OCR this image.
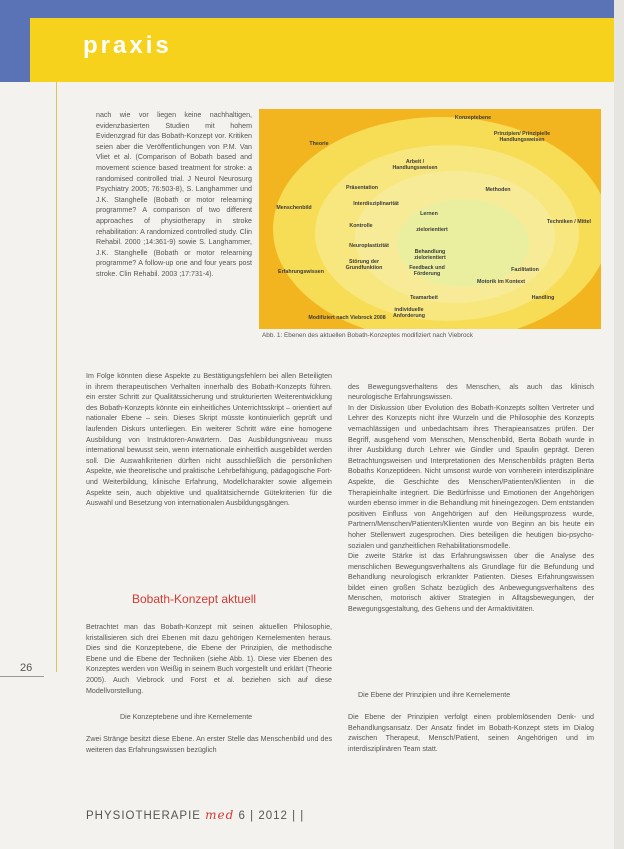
praxis

nach wie vor liegen keine nachhaltigen, evidenzbasierten Studien mit hohem Evidenzgrad für das Bobath-Konzept vor. Kritiken seien aber die Veröffentlichungen von P.M. Van Vliet et al. (Comparison of Bobath based and movement science based treatment for stroke: a randomised controlled trial. J Neurol Neurosurg Psychiatry 2005; 76:503-8), S. Langhammer und J.K. Stanghelle (Bobath or motor relearning programme? A comparison of two different approaches of physiotherapy in stroke rehabilitation: A randomized controlled study. Clin Rehabil. 2000 ;14:361-9) sowie S. Langhammer, J.K. Stanghelle (Bobath or motor relearning programme? A follow-up one and four years post stroke. Clin Rehabil. 2003 ;17:731-4).

Konzeptebene
Theorie
Prinzipien/ Prinzipielle Handlungsweisen
Arbeit / Handlungsweisen
Menschenbild
Präsentation
Interdisziplinarität
Methoden
Lernen
Kontrolle
Techniken / Mittel
zielorientiert
Neuroplastizität
Erfahrungswissen
Störung der Grundfunktion
Behandlung zielorientiert
Feedback und Förderung
Fazilitation
Motorik im Kontext
Teamarbeit
individuelle Anforderung
Handling
Modifiziert nach Viebrock 2008
Abb. 1: Ebenen des aktuellen Bobath-Konzeptes modifiziert nach Viebrock

Im Folge könnten diese Aspekte zu Bestätigungsfehlern bei allen Beteiligten in ihrem therapeutischen Verhalten innerhalb des Bobath-Konzepts führen. ein erster Schritt zur Qualitätssicherung und strukturierten Weiterentwicklung des Bobath-Konzepts könnte ein einheitliches Unterrichtsskript – orientiert auf nationaler Ebene – sein. Dieses Skript müsste kontinuierlich geprüft und laufenden Diskurs unterliegen. Ein weiterer Schritt wäre eine homogene Ausbildung von Instruktoren-Anwärtern. Das Ausbildungsniveau muss international bewusst sein, wenn internationale einheitlich ausgebildet werden soll. Die Auswahlkriterien dürften nicht ausschließlich die persönlichen Aspekte, wie theoretische und praktische Lehrbefähigung, pädagogische Fort- und Weiterbildung, klinische Erfahrung, Modellcharakter sowie allgemein Aspekte sein, auch objektive und qualitätsichernde Gütekriterien für die Auswahl und Besetzung von internationalen Ausbildungsgängen.

Bobath-Konzept aktuell

Betrachtet man das Bobath-Konzept mit seinen aktuellen Philosophie, kristallisieren sich drei Ebenen mit dazu gehörigen Kernelementen heraus. Dies sind die Konzeptebene, die Ebene der Prinzipien, die methodische Ebene und die Ebene der Techniken (siehe Abb. 1). Diese vier Ebenen des Konzeptes werden von Weißig in seinem Buch vorgestellt und erklärt (Theorie 2005). Auch Viebrock und Forst et al. beziehen sich auf diese Modellvorstellung.

Die Konzeptebene und ihre Kernelemente

Zwei Stränge besitzt diese Ebene. An erster Stelle das Menschenbild und des weiteren das Erfahrungswissen bezüglich

des Bewegungsverhaltens des Menschen, als auch das klinisch neurologische Erfahrungswissen.
In der Diskussion über Evolution des Bobath-Konzepts sollten Vertreter und Lehrer des Konzepts nicht ihre Wurzeln und die Philosophie des Konzepts vernachlässigen und unbedachtsam ihres Therapieansatzes prüfen. Der Begriff, ausgehend vom Menschen, Menschenbild, Berta Bobath wurde in ihrer Ausbildung durch Lehrer wie Gindler und Spaulin geprägt. Deren Betrachtungsweisen und Interpretationen des Menschenbilds prägten Berta Bobaths Konzeptideen. Nicht umsonst wurde von vornherein interdisziplinäre Aspekte, die Geschichte des Menschen/Patienten/Klienten in die Therapieinhalte integriert. Die Bedürfnisse und Emotionen der Angehörigen wurden ebenso immer in die Behandlung mit hineingezogen. Dem entstanden positiven Einfluss von Angehörigen auf den Heilungsprozess wurde, Partnern/Menschen/Patienten/Klienten wurde von Beginn an bis heute ein hoher Stellenwert zugesprochen. Dies beteiligen die heutigen bio-psycho-sozialen und ganzheitlichen Rehabilitationsmodelle.
Die zweite Stärke ist das Erfahrungswissen über die Analyse des menschlichen Bewegungsverhaltens als Grundlage für die Befundung und Behandlung neurologisch erkrankter Patienten. Dieses Erfahrungswissen bildet einen großen Schatz bezüglich des Anbewegungsverhaltens des Menschen, motorisch aktiver Strategien in Alltagsbewegungen, der Bewegungsgestaltung, des Gehens und der Armaktivitäten.

Die Ebene der Prinzipien und ihre Kernelemente

Die Ebene der Prinzipien verfolgt einen problemlösenden Denk- und Behandlungsansatz. Der Ansatz findet im Bobath-Konzept stets im Dialog zwischen Therapeut, Mensch/Patient, seinen Angehörigen und im interdisziplinären Team statt.

26
PHYSIOTHERAPIE med 6 | 2012 | |
